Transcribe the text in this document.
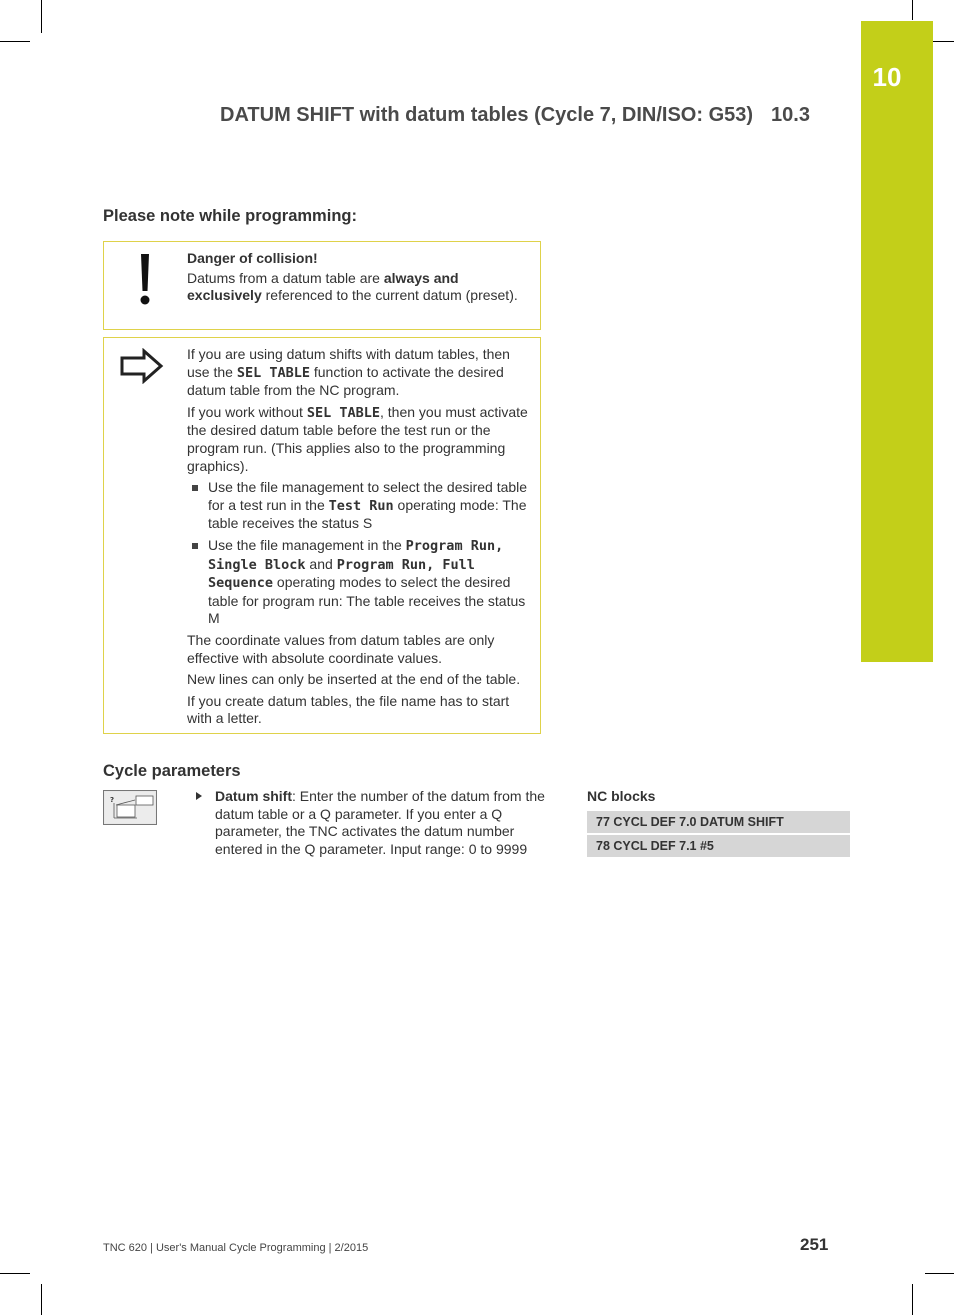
10
DATUM SHIFT with datum tables (Cycle 7, DIN/ISO: G53) 10.3
Please note while programming:

Danger of collision!

Datums from a datum table are always and exclusively referenced to the current datum (preset).

If you are using datum shifts with datum tables, then use the SEL TABLE function to activate the desired datum table from the NC program.

If you work without SEL TABLE, then you must activate the desired datum table before the test run or the program run. (This applies also to the programming graphics).

Use the file management to select the desired table for a test run in the Test Run operating mode: The table receives the status S
Use the file management in the Program Run, Single Block and Program Run, Full Sequence operating modes to select the desired table for program run: The table receives the status M

The coordinate values from datum tables are only effective with absolute coordinate values.

New lines can only be inserted at the end of the table.

If you create datum tables, the file name has to start with a letter.

Cycle parameters
?	Datum shift: Enter the number of the datum from the datum table or a Q parameter. If you enter a Q parameter, the TNC activates the datum number entered in the Q parameter. Input range: 0 to 9999
NC blocks
77 CYCL DEF 7.0 DATUM SHIFT
78 CYCL DEF 7.1 #5
TNC 620 | User's Manual Cycle Programming | 2/2015	251
